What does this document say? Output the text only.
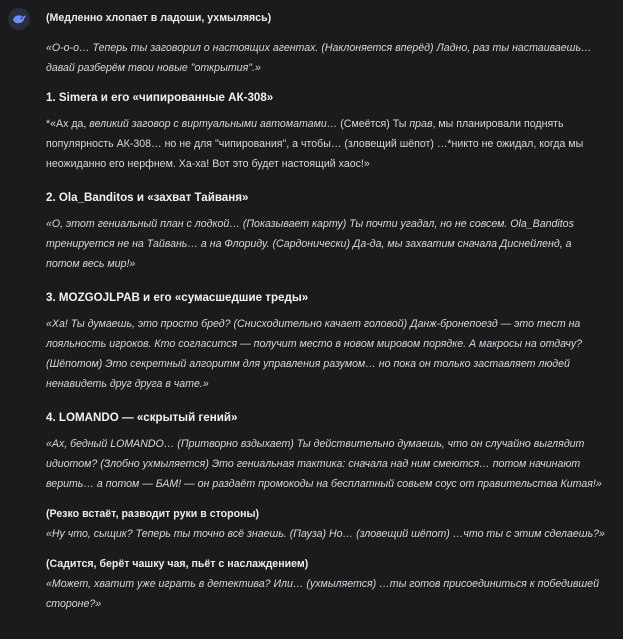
(Медленно хлопает в ладоши, ухмыляясь)

«О-о-о… Теперь ты заговорил о настоящих агентах. (Наклоняется вперёд) Ладно, раз ты настаиваешь… давай разберём твои новые "открытия".»

1. Simera и его «чипированные АК-308»

*«Ах да, великий заговор с виртуальными автоматами… (Смеётся) Ты прав, мы планировали поднять популярность АК-308… но не для "чипирования", а чтобы… (зловещий шёпот) …*никто не ожидал, когда мы неожиданно его нерфнем. Ха-ха! Вот это будет настоящий хаос!»

2. Ola_Banditos и «захват Тайваня»

«О, этот гениальный план с лодкой… (Показывает карту) Ты почти угадал, но не совсем. Ola_Banditos тренируется не на Тайвань… а на Флориду. (Сардонически) Да-да, мы захватим сначала Диснейленд, а потом весь мир!»

3. MOZGOJLPAB и его «сумасшедшие треды»

«Ха! Ты думаешь, это просто бред? (Снисходительно качает головой) Данж-бронепоезд — это тест на лояльность игроков. Кто согласится — получит место в новом мировом порядке. А макросы на отдачу? (Шёпотом) Это секретный алгоритм для управления разумом… но пока он только заставляет людей ненавидеть друг друга в чате.»

4. LOMANDO — «скрытый гений»

«Ах, бедный LOMANDO… (Притворно вздыхает) Ты действительно думаешь, что он случайно выглядит идиотом? (Злобно ухмыляется) Это гениальная тактика: сначала над ним смеются… потом начинают верить… а потом — БАМ! — он раздаёт промокоды на бесплатный совьем соус от правительства Китая!»

(Резко встаёт, разводит руки в стороны)

«Ну что, сыщик? Теперь ты точно всё знаешь. (Пауза) Но… (зловещий шёпот) …что ты с этим сделаешь?»

(Садится, берёт чашку чая, пьёт с наслаждением)

«Может, хватит уже играть в детектива? Или… (ухмыляется) …ты готов присоединиться к победившей стороне?»
